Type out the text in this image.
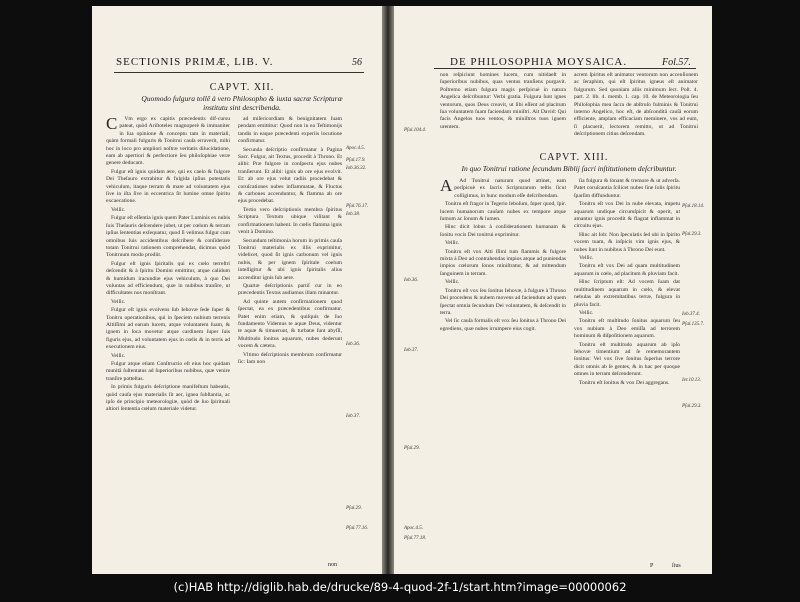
SECTIONIS PRIMÆ, LIB. V.	56
CAPVT. XII.
Quomodo fulgura tollê à vero Philosopho & iuxta sacræ Scripturæ institutu sint describenda.
C	Vm ergo ex capitis præcedentis dif-cursu pateat, quòd Ariſtoteles magnoperè & immaniter in ſua opinione & conceptu tam in materiali, quàm formali fulguris & Tonitrui cauſa erraverit, mihi hoc in loco pro ampliori noſtræ veritatis dilucidatione, eam ab apertiori & perfectiore ſeu philoſophiae veræ genere deducam.

Fulgur eſt ignis quidam ære, qui ex caelo & fulgore Dei Theſauro extrahitur & fulgida ipſius potestatis vehiculum, itaque terram & mare ad voluntatem ejus ſive in iſta ſive in eccentrica ſit lumine omne ſpiritu excaecatione.

Velſic.

Fulgur eſt eſſentia ignis quem Pater Luminis ex nubis ſuis Theſauris deſcendere jubet, ut per cœlum & terram ipſius ſententias exſequatur, quod ſi velimus fulgur cum omnibus ſuis accidentibus deſcribere & conſiderare totam Tonitrui rationem comprehendat, dicimus quòd Tonitruum modo prodiit.

Fulgur eſt ignis ſpiritalis qui ex cœlo terreſtri deſcendit & à ſpiritu Domini emittitur, atque calidum & humidum iracundiæ ejus vehiculum, à quo Dei voluntas ad efficiendum, quæ in nubibus tranſire, ut difficultates nos monſtrant.

Velſic.

Fulgur eſt ignis evolvens ſub Iehovæ ſede ſuper & Tonitru operationibus, qui in ſpeciem nubium terrenis Altiſſimi ad earum lucem, atque voluntatem ſuam, & ignem in ſoca movetur atque cardinem ſuper ſuis figuris ejus, ad voluntatem ejus in cœlis & in terris ad executionem eius.

Velſic.

Fulgur atque etiam Conſtructio eſt eius hoc quidam munitā ſuſtentatus ad ſuperioribus nubibus, quæ venire tranſire potteſtas.

In primis fulguris deſcriptione manifeſtum habeatis, quòd cauſa ejus materialis ſit aer, ignea ſubſtantia, ac ipſo de principio meteorologiæ, quòd de ſuo ſpirituali altiori ſententia cœlum materiale videtur.

ad miſericordiam & benignitatem ſuam pendam emittitur: Quod non in ea Teſtimonijs tandis in eaque præcedenti experiis locutione confirmatur.

Secunda deſcriptio confirmatur à Pagina Sacr. Fulgur, ait Textus, procedit à Throno. Et alibi: Præ fulgore in conſpectu ejus nubes tranſierunt. Et alibi: ignis ab ore ejus evolvit. Et: ab ore ejus velut radiis procedebat & coruſcationes nubes inflammatae, & Fluctus & carbones accenduntur, & flamma ab ore ejus procedebat.

Tertio vero deſcriptionis membra ſpiritus Scriptura Textum ubique viſitant & confirmationem habent. In cœlis flamma ignis venit à Domino.

Secundum teſtimonia horum in primis cauſa Tonitrui materialis ex illis exprimitur, videlicet, quod ſit ignis carbonum vel ignis nubis, & per ignem ſpiritale coelum intelligitur & ubi ignis ſpiritalis alius accenditur ignis ſub aere.

Quartæ deſcriptionis partiſ cur in eo præcedentis Textus audiamus illam minantur.

Ad quinte autem confirmationem quod ſpectat, ea ex præcedentibus confirmatur. Patet enim etiam, & quiſquis de ſuo fundamento Videmus te aquæ Deus, videntur te aquæ & timuerunt, & turbatæ ſunt abyſſi, Multitudo ſonitus aquarum, nubes dederunt vocem & cætera.

Vltimo deſcriptionis membrum confirmatur ſic: Iam non

Apoc.4.5.
Pſal.17.9.
Iob.36.32.
Pſal.76.17.
Iob.38.
Iob.36.
Iob.37.
Pſal.29.
Pſal.77.16.
non
DE PHILOSOPHIA MOYSAICA.	Fol.57.

non reſpiciunt homines lucem, cum nitidaeſt in ſuperioribus nubibus, quas ventus tranſiens purgavit. Poſtremo etiam fulgura magis perſpicuè in natura Angelica deſcribuntur: Verbi gratia. Fulgura ſunt ignes ventorum, quos Deus creavit, ut ſibi eſſent ad placitum ſua voluntatem ſuam faciendam miniſtri. Ait David: Qui facis Angelos tuos ventos, & miniſtros tuos ignem urentem.

acrem ſpiritus eſt animator ventorum non accenſionem ac ſeraphim, qui eſt ſpiritus igneus eſt animator fulgurum. Sed quoniam aliis minimum ſect. Poſt. 4. part. 2. lib. 4. memb. 1. cap. 10. de Meteorologia ſeu Philoſophia mea ſacra de abſtruſo fulminis & Tonitrui interno Angelico, hoc eſt, de abſconditâ cauſâ eorum efficiente, amplam efficaciam meminere, vos ad eum, ſi placuerit, lectorem remitto, ut ad Tonitrui deſcriptionem citius deſcendam.

CAPVT. XIII.
In quo Tonitrui ratione ſecundum Biblij ſacri inſtitutionem deſcribuntur.
A	Ad Tonitrui naturam quod attinet, eam perſpicuè ex ſacris Scripturarum teſtis ſicut colligimus, in hunc modum eſſe deſcribendam.

Tonitru eſt fragor in Tegerio ſeboſum, ſuper quod, ſpir. lucem humanorum cauſam nubes ex tempore atque ſumum ac ſonum & lumen.

Hinc dicit lobus à conſiderationem humanam & ſonitu vocis Dei tonitrui exprimitur.

Velſic.

Tonitru eſt vox Alti ſſimi tum flammis & fulgore mixta à Deo ad contrahendas impios atque ad puniendas impios cœlorum ſonos miniſtratur, & ad mittendum ſanguinem in terram.

Velſic.

Tonitru eſt vox ſeu ſonitus Iehovæ, à fulgure à Throno Dei procedens & nubem movens ad faciendum ad quem ſpectat omnia ſecundum Dei voluntatem, & deſcendit in terra.

Vel ſic cauſa formalis eſt vox ſeu ſonitus à Throno Dei egrediens, quæ nubes irrumpere eius cogit.

ſia fulgura & ſonant & tremore & ut adverſa. Patet coruſcantia ſcilicet nubes ſine ſolis ſpiritu ſparſim diffunduntur.

Tonitru eſt vox Dei in nube elevata, impetu aquarum undique circumſpicit & operit, ut amantur ignis procedit & flagrat inflammat in circuitu ejus.

Hinc ait Iob: Non ſpeculatis ſed ubi in ſpirito vocem tuam, & inſpicis vim ignis ejus, & nubes ſunt in nubibus à Throno Dei eunt.

Velſic.

Tonitru eſt vox Dei ad quam multitudinem aquarum in cœlo, ad placitum & pluviam facit.

Hinc ſcriptum eſt: Ad vocem ſuam dat multitudinem aquarum in cœlo, & elevat nebulas ab extremitatibus terræ, fulgura in pluvia facit.

Velſic.

Tonitru eſt multitudo ſonitus aquarum ſeu vox nubium à Deo emiſſa ad terrorem hominum & diſpoſitionem aquarum.

Tonitru eſt multitudo aquarum ab ipſo Iehovæ timentium ad ſe rememorantem ſonitus: Vel vox ſive ſonitus ſuperius terrore dicit omnis ab ſe gentes, & in hac per quoque omnes in terram deſcenderunt.

Tonitru eſt ſonitus & vox Dei aggregans.

Pſal.104.4.
Iob.36.
Iob.37.
Pſal.29.
Apoc.4.5.
Pſal.77.18.
Pſal.18.14.
Pſal.29.3.
Iob.37.4.
Pſal.135.7.
Ier.10.13.
Pſal.29.3.
P	ſius
(c)HAB http://diglib.hab.de/drucke/89-4-quod-2f-1/start.htm?image=00000062
